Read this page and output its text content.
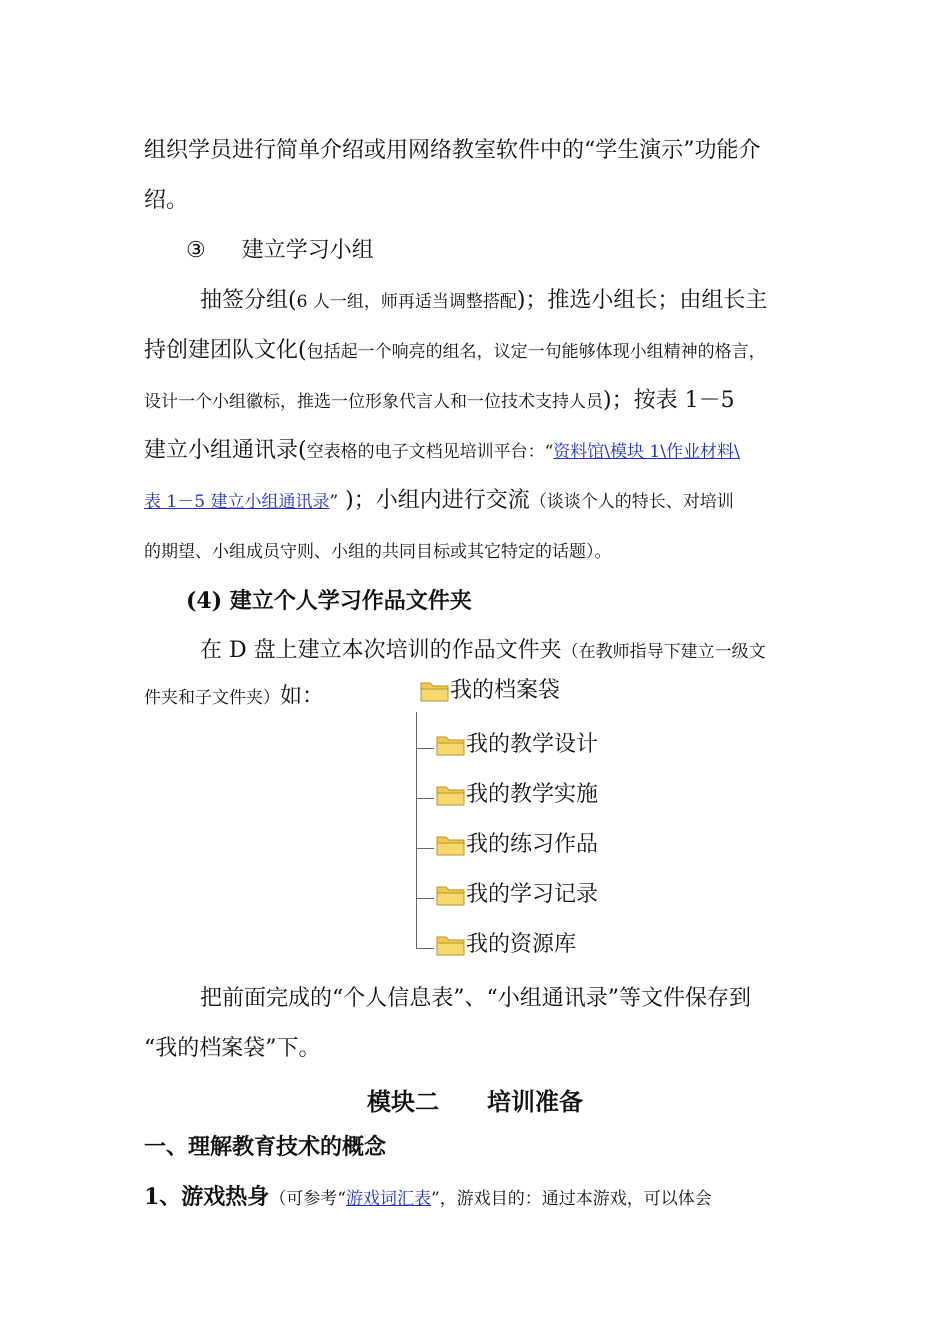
组织学员进行简单介绍或用网络教室软件中的“学生演示”功能介
绍。
③ 建立学习小组
抽签分组(6 人一组，师再适当调整搭配)；推选小组长；由组长主
持创建团队文化(包括起一个响亮的组名，议定一句能够体现小组精神的格言，
设计一个小组徽标，推选一位形象代言人和一位技术支持人员)；按表 1－5
建立小组通讯录(空表格的电子文档见培训平台：“资料馆\模块 1\作业材料\
表 1－5 建立小组通讯录” )；小组内进行交流（谈谈个人的特长、对培训
的期望、小组成员守则、小组的共同目标或其它特定的话题）。
(4) 建立个人学习作品文件夹
在 D 盘上建立本次培训的作品文件夹（在教师指导下建立一级文
件夹和子文件夹）如：	我的档案袋
我的教学设计
我的教学实施
我的练习作品
我的学习记录
我的资源库
把前面完成的“个人信息表”、“小组通讯录”等文件保存到
“我的档案袋”下。
模块二　　培训准备
一、理解教育技术的概念
1、游戏热身（可参考“游戏词汇表”，游戏目的：通过本游戏，可以体会
